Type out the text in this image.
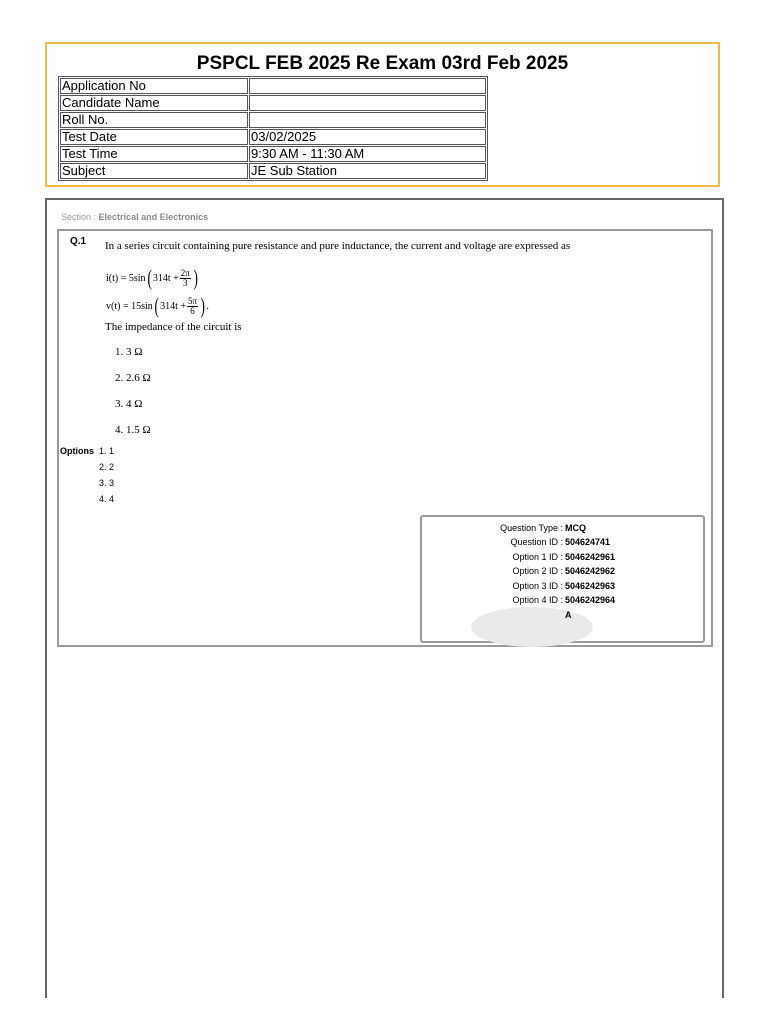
PSPCL FEB 2025 Re Exam 03rd Feb 2025
Application No	
Candidate Name	
Roll No.	
Test Date	03/02/2025
Test Time	9:30 AM - 11:30 AM
Subject	JE Sub Station
Section : Electrical and Electronics
Q.1 In a series circuit containing pure resistance and pure inductance, the current and voltage are expressed as
i(t) = 5sin ( $314t + \frac{2\pi}{3}$ )
v(t) = 15sin ( $314t + \frac{5\pi}{6}$ ) .
The impedance of the circuit is
1. 3 Ω
2. 2.6 Ω
3. 4 Ω
4. 1.5 Ω
Options 1. 1
2. 2
3. 3
4. 4
Question Type : MCQ
Question ID : 504624741
Option 1 ID : 5046242961
Option 2 ID : 5046242962
Option 3 ID : 5046242963
Option 4 ID : 5046242964
A
